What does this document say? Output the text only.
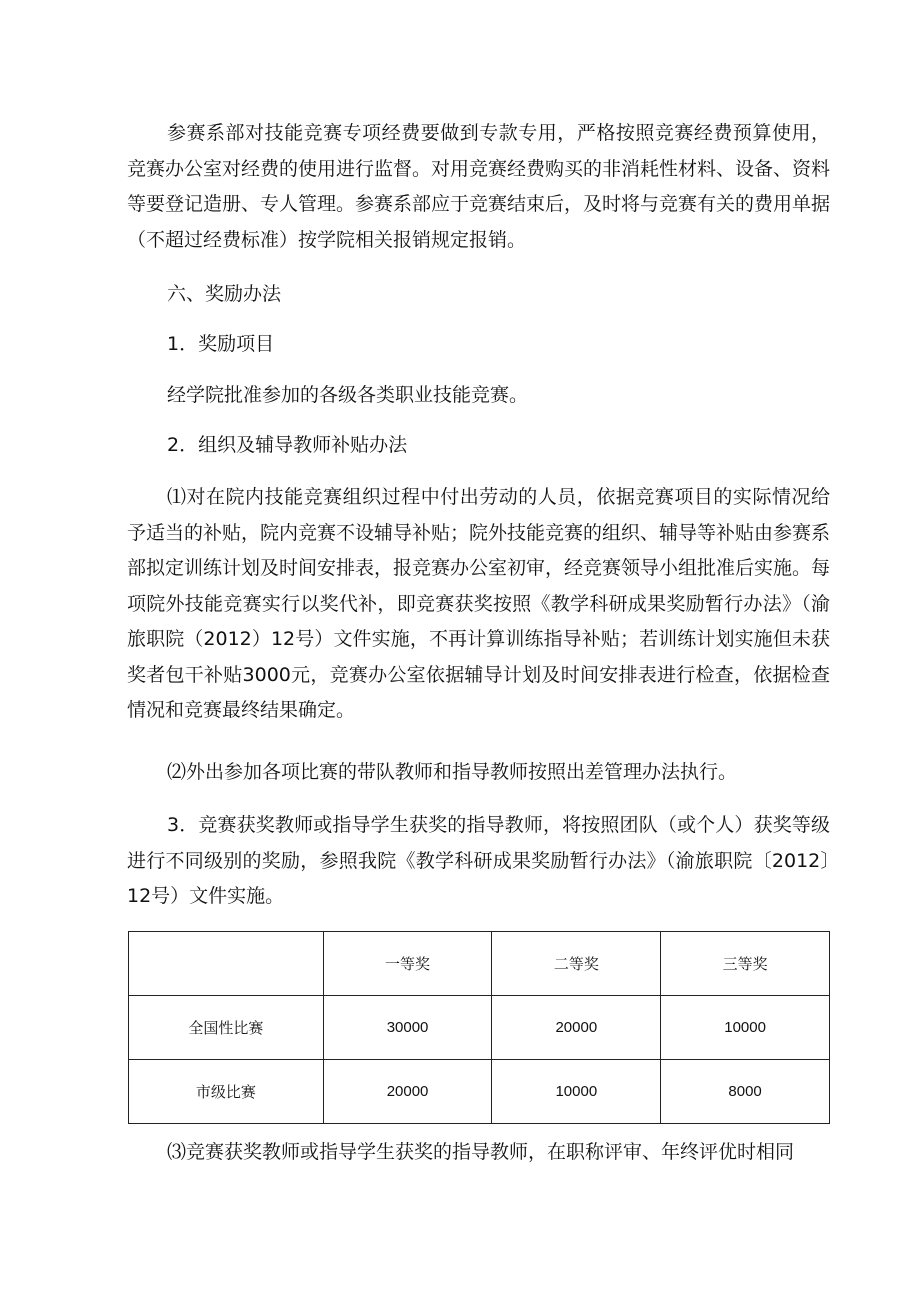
参赛系部对技能竞赛专项经费要做到专款专用，严格按照竞赛经费预算使用，竞赛办公室对经费的使用进行监督。对用竞赛经费购买的非消耗性材料、设备、资料等要登记造册、专人管理。参赛系部应于竞赛结束后，及时将与竞赛有关的费用单据（不超过经费标准）按学院相关报销规定报销。

六、奖励办法

1．奖励项目

经学院批准参加的各级各类职业技能竞赛。

2．组织及辅导教师补贴办法

⑴对在院内技能竞赛组织过程中付出劳动的人员，依据竞赛项目的实际情况给予适当的补贴，院内竞赛不设辅导补贴；院外技能竞赛的组织、辅导等补贴由参赛系部拟定训练计划及时间安排表，报竞赛办公室初审，经竞赛领导小组批准后实施。每项院外技能竞赛实行以奖代补，即竞赛获奖按照《教学科研成果奖励暂行办法》（渝旅职院（2012）12号）文件实施，不再计算训练指导补贴；若训练计划实施但未获奖者包干补贴3000元，竞赛办公室依据辅导计划及时间安排表进行检查，依据检查情况和竞赛最终结果确定。

⑵外出参加各项比赛的带队教师和指导教师按照出差管理办法执行。

3．竞赛获奖教师或指导学生获奖的指导教师，将按照团队（或个人）获奖等级进行不同级别的奖励，参照我院《教学科研成果奖励暂行办法》（渝旅职院〔2012〕12号）文件实施。

	一等奖	二等奖	三等奖
全国性比赛	30000	20000	10000
市级比赛	20000	10000	8000

⑶竞赛获奖教师或指导学生获奖的指导教师，在职称评审、年终评优时相同
